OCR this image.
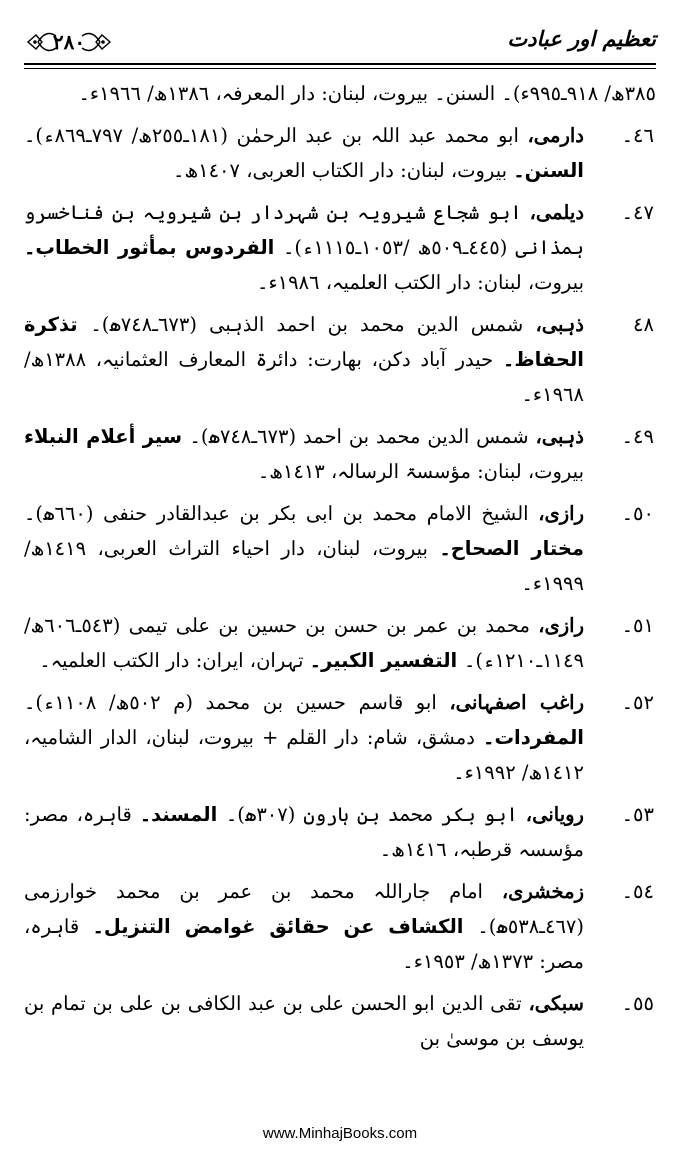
٢٨٠	تعظیم اور عبادت
٣٨٥ھ/ ٩١٨ـ٩٩٥ء)۔ السنن۔ بیروت، لبنان: دار المعرفہ، ١٣٨٦ھ/ ١٩٦٦ء۔
٤٦۔
دارمی، ابو محمد عبد اللہ بن عبد الرحمٰن (١٨١ـ٢٥٥ھ/ ٧٩٧ـ٨٦٩ء)۔ السنن۔ بیروت، لبنان: دار الکتاب العربی، ١٤٠٧ھ۔
٤٧۔
دیلمی، ابو شجاع شیرویہ بن شہردار بن شیرویہ بن فناخسرو ہمذانی (٤٤٥ـ٥٠٩ھ /١٠٥٣ـ١١١٥ء)۔ الفردوس بمأثور الخطاب۔ بیروت، لبنان: دار الکتب العلمیہ، ١٩٨٦ء۔
٤٨
ذہبی، شمس الدین محمد بن احمد الذہبی (٦٧٣ـ٧٤٨ھ)۔ تذکرة الحفاظ۔ حیدر آباد دکن، بھارت: دائرۃ المعارف العثمانیہ، ١٣٨٨ھ/ ١٩٦٨ء۔
٤٩۔
ذہبی، شمس الدین محمد بن احمد (٦٧٣ـ٧٤٨ھ)۔ سیر أعلام النبلاء بیروت، لبنان: مؤسسۃ الرسالہ، ١٤١٣ھ۔
٥٠۔
رازی، الشیخ الامام محمد بن ابی بکر بن عبدالقادر حنفی (٦٦٠ھ)۔ مختار الصحاح۔ بیروت، لبنان، دار احیاء التراث العربی، ١٤١٩ھ/ ١٩٩٩ء۔
٥١۔
رازی، محمد بن عمر بن حسن بن حسین بن علی تیمی (٥٤٣ـ٦٠٦ھ/ ١١٤٩ـ١٢١٠ء)۔ التفسیر الکبیر۔ تہران، ایران: دار الکتب العلمیہ۔
٥٢۔
راغب اصفہانی، ابو قاسم حسین بن محمد (م ٥٠٢ھ/ ١١٠٨ء)۔ المفردات۔ دمشق، شام: دار القلم + بیروت، لبنان، الدار الشامیہ، ١٤١٢ھ/ ١٩٩٢ء۔
٥٣۔
رویانی، ابو بکر محمد بن ہارون (٣٠٧ھ)۔ المسند۔ قاہرہ، مصر: مؤسسہ قرطبہ، ١٤١٦ھ۔
٥٤۔
زمخشری، امام جاراللہ محمد بن عمر بن محمد خوارزمی (٤٦٧ـ٥٣٨ھ)۔ الکشاف عن حقائق غوامض التنزیل۔ قاہرہ، مصر: ١٣٧٣ھ/ ١٩٥٣ء۔
٥٥۔
سبکی، تقی الدین ابو الحسن علی بن عبد الکافی بن علی بن تمام بن یوسف بن موسیٰ بن
www.MinhajBooks.com
